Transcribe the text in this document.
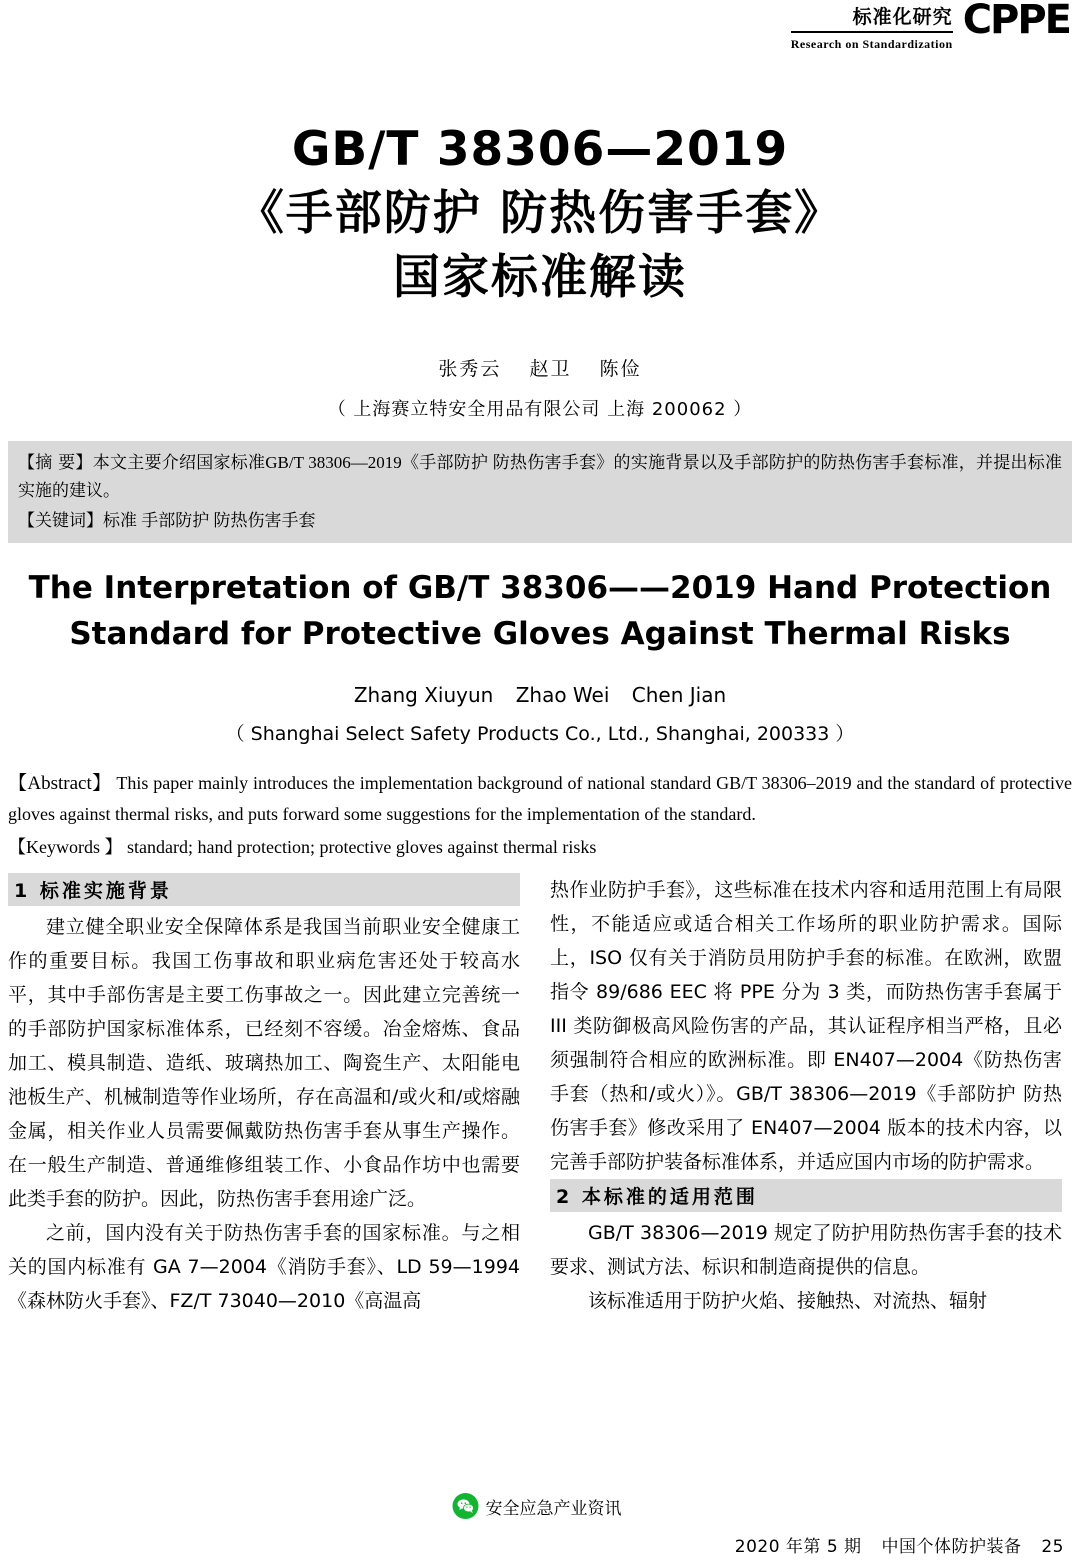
标准化研究
Research on Standardization
CPPE
GB/T 38306—2019
《手部防护 防热伤害手套》
国家标准解读
张秀云 赵卫 陈俭
（ 上海赛立特安全用品有限公司 上海 200062 ）
【摘 要】本文主要介绍国家标准GB/T 38306—2019《手部防护 防热伤害手套》的实施背景以及手部防护的防热伤害手套标准，并提出标准实施的建议。
【关键词】标准 手部防护 防热伤害手套
The Interpretation of GB/T 38306——2019 Hand Protection
Standard for Protective Gloves Against Thermal Risks
Zhang Xiuyun Zhao Wei Chen Jian
（ Shanghai Select Safety Products Co., Ltd., Shanghai, 200333 ）
【Abstract】 This paper mainly introduces the implementation background of national standard GB/T 38306–2019 and the standard of protective gloves against thermal risks, and puts forward some suggestions for the implementation of the standard.
【Keywords 】 standard; hand protection; protective gloves against thermal risks
1 标准实施背景

建立健全职业安全保障体系是我国当前职业安全健康工作的重要目标。我国工伤事故和职业病危害还处于较高水平，其中手部伤害是主要工伤事故之一。因此建立完善统一的手部防护国家标准体系，已经刻不容缓。冶金熔炼、食品加工、模具制造、造纸、玻璃热加工、陶瓷生产、太阳能电池板生产、机械制造等作业场所，存在高温和/或火和/或熔融金属，相关作业人员需要佩戴防热伤害手套从事生产操作。在一般生产制造、普通维修组装工作、小食品作坊中也需要此类手套的防护。因此，防热伤害手套用途广泛。

之前，国内没有关于防热伤害手套的国家标准。与之相关的国内标准有 GA 7—2004《消防手套》、LD 59—1994《森林防火手套》、FZ/T 73040—2010《高温高

热作业防护手套》，这些标准在技术内容和适用范围上有局限性，不能适应或适合相关工作场所的职业防护需求。国际上，ISO 仅有关于消防员用防护手套的标准。在欧洲，欧盟指令 89/686 EEC 将 PPE 分为 3 类，而防热伤害手套属于 III 类防御极高风险伤害的产品，其认证程序相当严格，且必须强制符合相应的欧洲标准。即 EN407—2004《防热伤害手套（热和/或火）》。GB/T 38306—2019《手部防护 防热伤害手套》修改采用了 EN407—2004 版本的技术内容，以完善手部防护装备标准体系，并适应国内市场的防护需求。

2 本标准的适用范围

GB/T 38306—2019 规定了防护用防热伤害手套的技术要求、测试方法、标识和制造商提供的信息。

该标准适用于防护火焰、接触热、对流热、辐射

安全应急产业资讯
2020 年第 5 期 中国个体防护装备 25
